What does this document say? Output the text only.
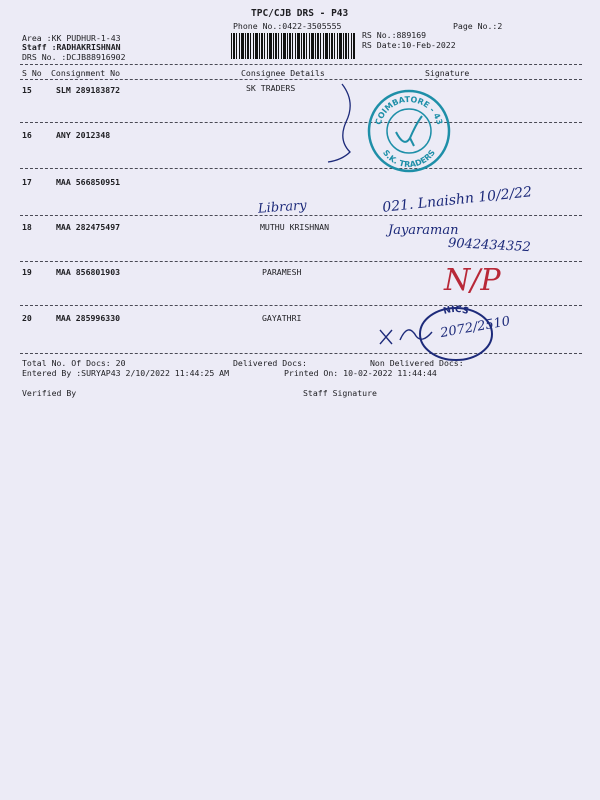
TPC/CJB DRS - P43
Phone No.:0422-3505555	Page No.:2
Area :KK PUDHUR-1-43
Staff :RADHAKRISHNAN
DRS No. :DCJB88916902
RS No.:889169
RS Date:10-Feb-2022
S No Consignment No	Consignee Details	Signature
15	SLM 289183872	SK TRADERS
16	ANY 2012348
17	MAA 566850951
18	MAA 282475497	MUTHU KRISHNAN
19	MAA 856801903	PARAMESH
20	MAA 285996330	GAYATHRI
Total No. Of Docs: 20	Delivered Docs:	Non Delivered Docs:
Entered By :SURYAP43 2/10/2022 11:44:25 AM	Printed On: 10-02-2022 11:44:44
Verified By	Staff Signature
COIMBATORE - 43
S.K. TRADERS
Library	021. Lnaishn 10/2/22
Jayaraman
9042434352
N/P
NICS
2072/2510
